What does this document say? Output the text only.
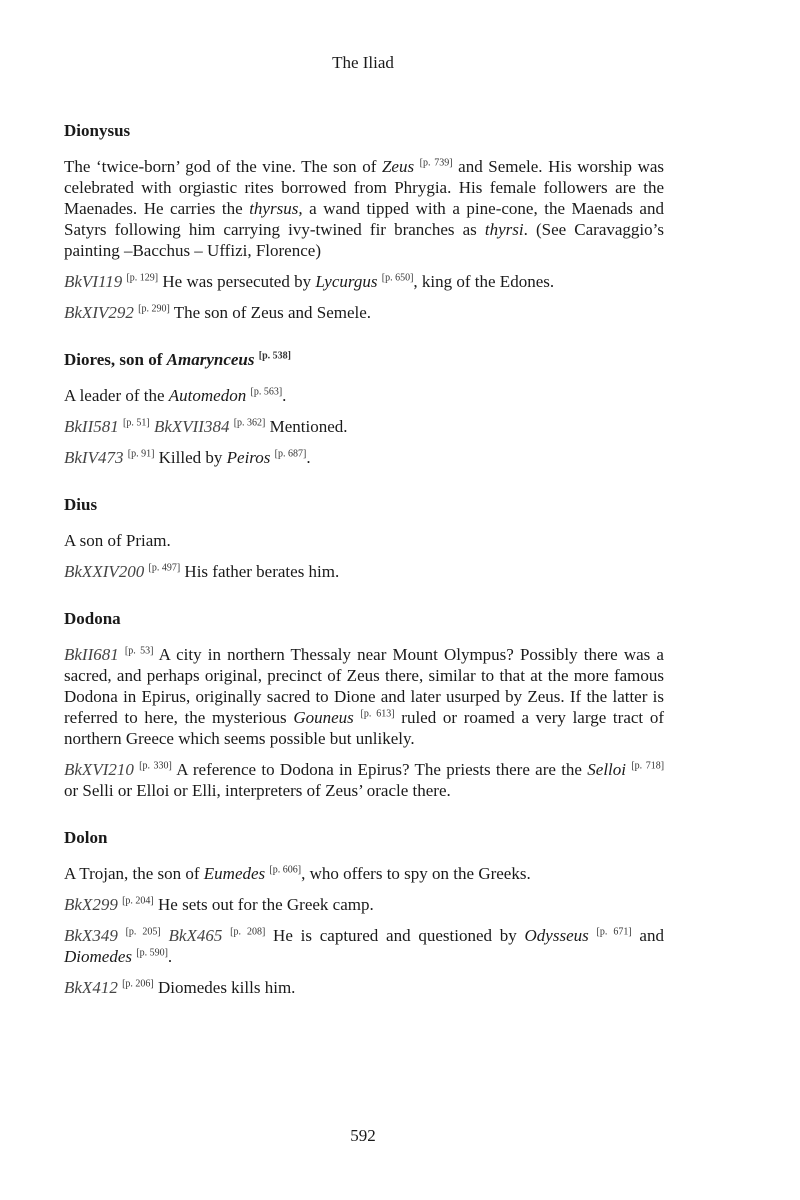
The Iliad
Dionysus

The ‘twice-born’ god of the vine. The son of Zeus [p. 739] and Semele. His worship was celebrated with orgiastic rites borrowed from Phrygia. His female followers are the Maenades. He carries the thyrsus, a wand tipped with a pine-cone, the Maenads and Satyrs following him carrying ivy-twined fir branches as thyrsi. (See Caravaggio’s painting –Bacchus – Uffizi, Florence)

BkVI119 [p. 129] He was persecuted by Lycurgus [p. 650], king of the Edones.

BkXIV292 [p. 290] The son of Zeus and Semele.

Diores, son of Amarynceus [p. 538]

A leader of the Automedon [p. 563].

BkII581 [p. 51] BkXVII384 [p. 362] Mentioned.

BkIV473 [p. 91] Killed by Peiros [p. 687].

Dius

A son of Priam.

BkXXIV200 [p. 497] His father berates him.

Dodona

BkII681 [p. 53] A city in northern Thessaly near Mount Olympus? Possibly there was a sacred, and perhaps original, precinct of Zeus there, similar to that at the more famous Dodona in Epirus, originally sacred to Dione and later usurped by Zeus. If the latter is referred to here, the mysterious Gouneus [p. 613] ruled or roamed a very large tract of northern Greece which seems possible but unlikely.

BkXVI210 [p. 330] A reference to Dodona in Epirus? The priests there are the Selloi [p. 718] or Selli or Elloi or Elli, interpreters of Zeus’ oracle there.

Dolon

A Trojan, the son of Eumedes [p. 606], who offers to spy on the Greeks.

BkX299 [p. 204] He sets out for the Greek camp.

BkX349 [p. 205] BkX465 [p. 208] He is captured and questioned by Odysseus [p. 671] and Diomedes [p. 590].

BkX412 [p. 206] Diomedes kills him.

592
